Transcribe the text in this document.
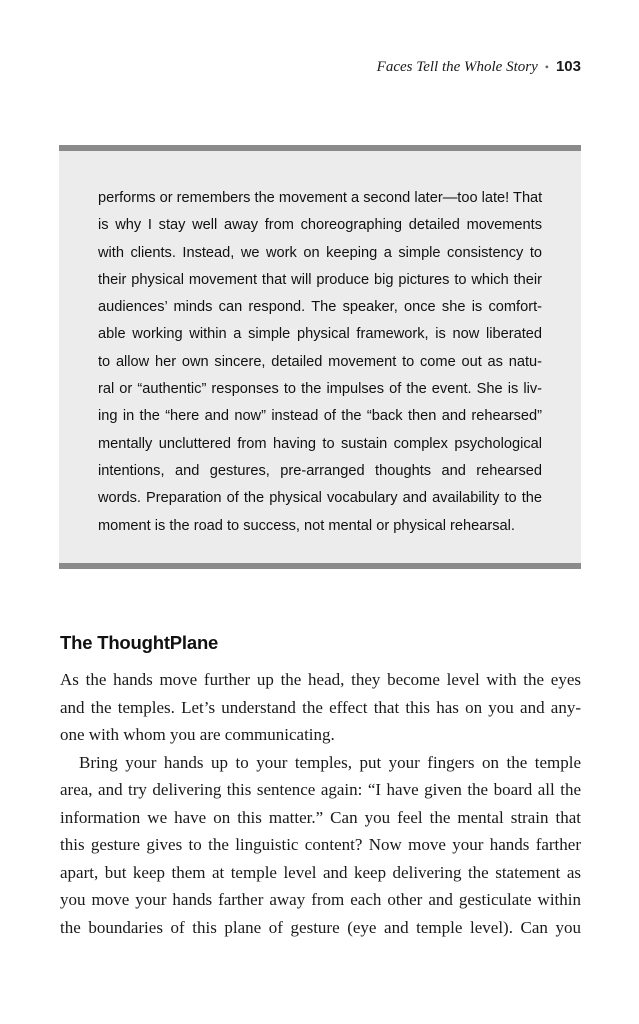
Faces Tell the Whole Story • 103
performs or remembers the movement a second later—too late! That
is why I stay well away from choreographing detailed movements
with clients. Instead, we work on keeping a simple consistency to
their physical movement that will produce big pictures to which their
audiences’ minds can respond. The speaker, once she is comfort-
able working within a simple physical framework, is now liberated
to allow her own sincere, detailed movement to come out as natu-
ral or “authentic” responses to the impulses of the event. She is liv-
ing in the “here and now” instead of the “back then and rehearsed”
mentally uncluttered from having to sustain complex psychological
intentions, and gestures, pre-arranged thoughts and rehearsed
words. Preparation of the physical vocabulary and availability to the
moment is the road to success, not mental or physical rehearsal.
The ThoughtPlane
As the hands move further up the head, they become level with the eyes
and the temples. Let’s understand the effect that this has on you and any-
one with whom you are communicating.
Bring your hands up to your temples, put your fingers on the temple
area, and try delivering this sentence again: “I have given the board all the
information we have on this matter.” Can you feel the mental strain that
this gesture gives to the linguistic content? Now move your hands farther
apart, but keep them at temple level and keep delivering the statement as
you move your hands farther away from each other and gesticulate within
the boundaries of this plane of gesture (eye and temple level). Can you
